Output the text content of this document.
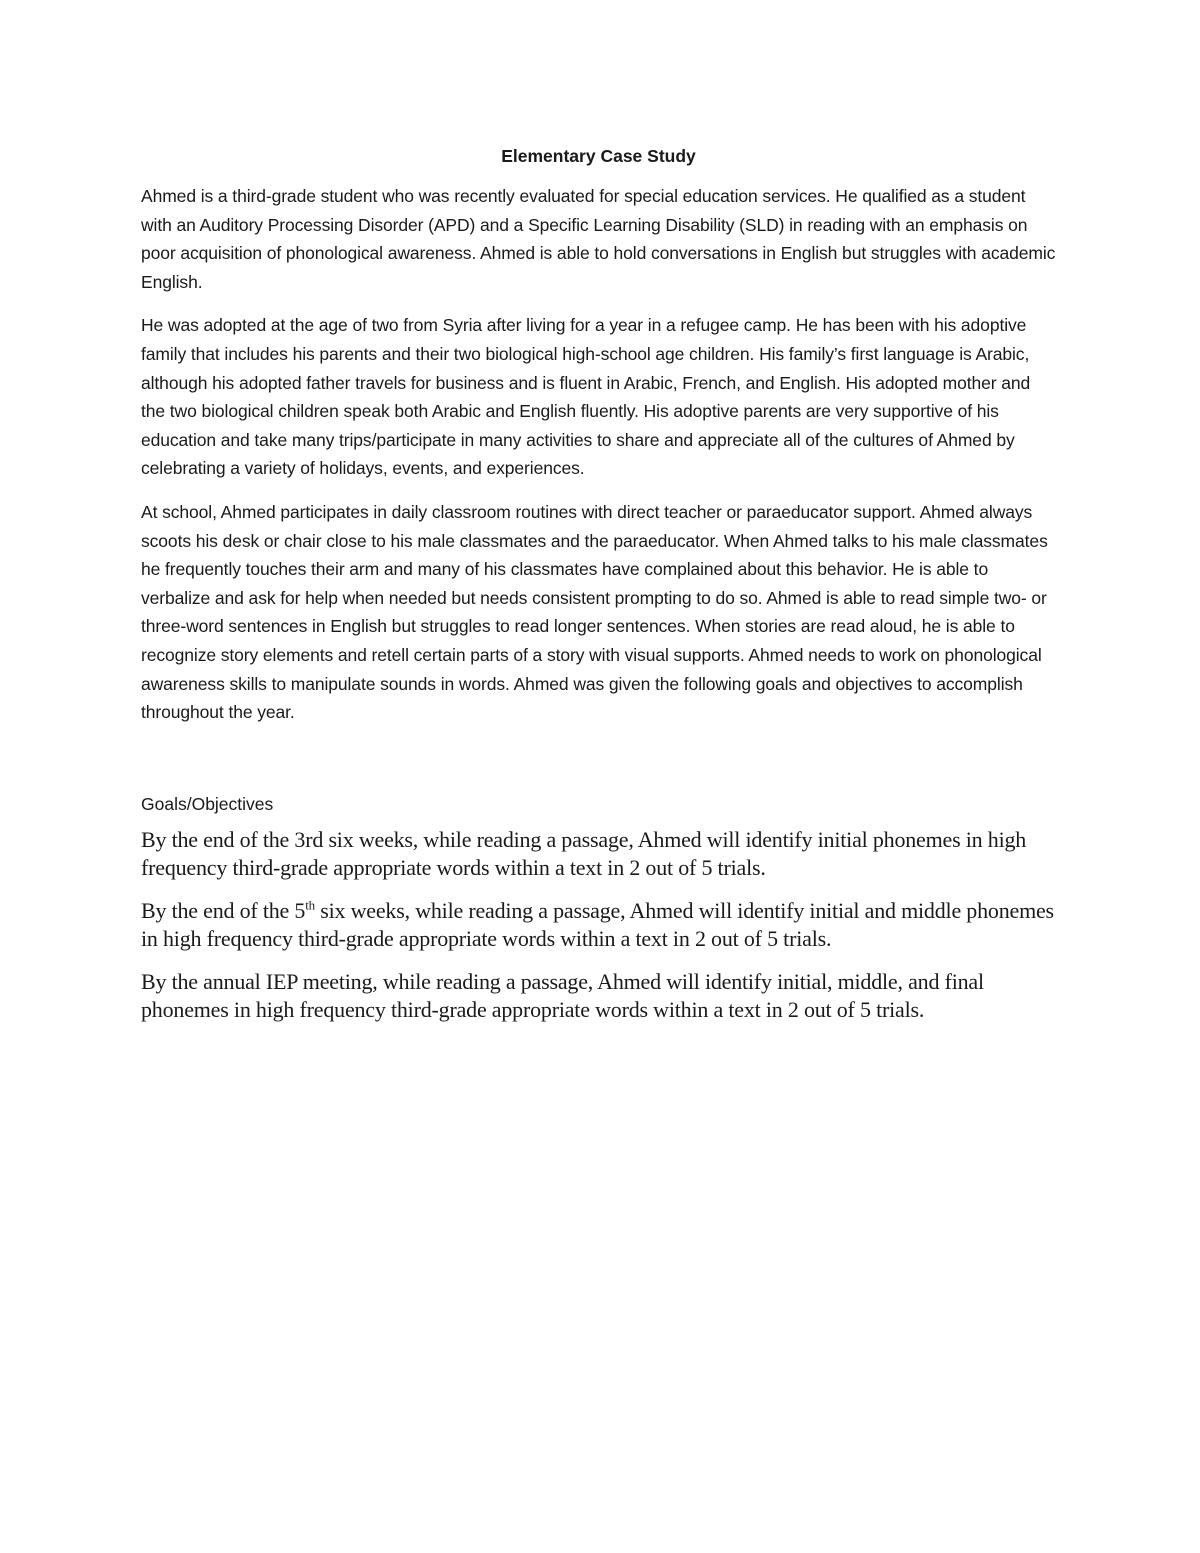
Elementary Case Study

Ahmed is a third-grade student who was recently evaluated for special education services. He qualified as a student with an Auditory Processing Disorder (APD) and a Specific Learning Disability (SLD) in reading with an emphasis on poor acquisition of phonological awareness. Ahmed is able to hold conversations in English but struggles with academic English.

He was adopted at the age of two from Syria after living for a year in a refugee camp. He has been with his adoptive family that includes his parents and their two biological high-school age children. His family’s first language is Arabic, although his adopted father travels for business and is fluent in Arabic, French, and English. His adopted mother and the two biological children speak both Arabic and English fluently. His adoptive parents are very supportive of his education and take many trips/participate in many activities to share and appreciate all of the cultures of Ahmed by celebrating a variety of holidays, events, and experiences.

At school, Ahmed participates in daily classroom routines with direct teacher or paraeducator support. Ahmed always scoots his desk or chair close to his male classmates and the paraeducator. When Ahmed talks to his male classmates he frequently touches their arm and many of his classmates have complained about this behavior. He is able to verbalize and ask for help when needed but needs consistent prompting to do so. Ahmed is able to read simple two- or three-word sentences in English but struggles to read longer sentences. When stories are read aloud, he is able to recognize story elements and retell certain parts of a story with visual supports. Ahmed needs to work on phonological awareness skills to manipulate sounds in words. Ahmed was given the following goals and objectives to accomplish throughout the year.

Goals/Objectives

By the end of the 3rd six weeks, while reading a passage, Ahmed will identify initial phonemes in high frequency third-grade appropriate words within a text in 2 out of 5 trials.

By the end of the 5th six weeks, while reading a passage, Ahmed will identify initial and middle phonemes in high frequency third-grade appropriate words within a text in 2 out of 5 trials.

By the annual IEP meeting, while reading a passage, Ahmed will identify initial, middle, and final phonemes in high frequency third-grade appropriate words within a text in 2 out of 5 trials.
